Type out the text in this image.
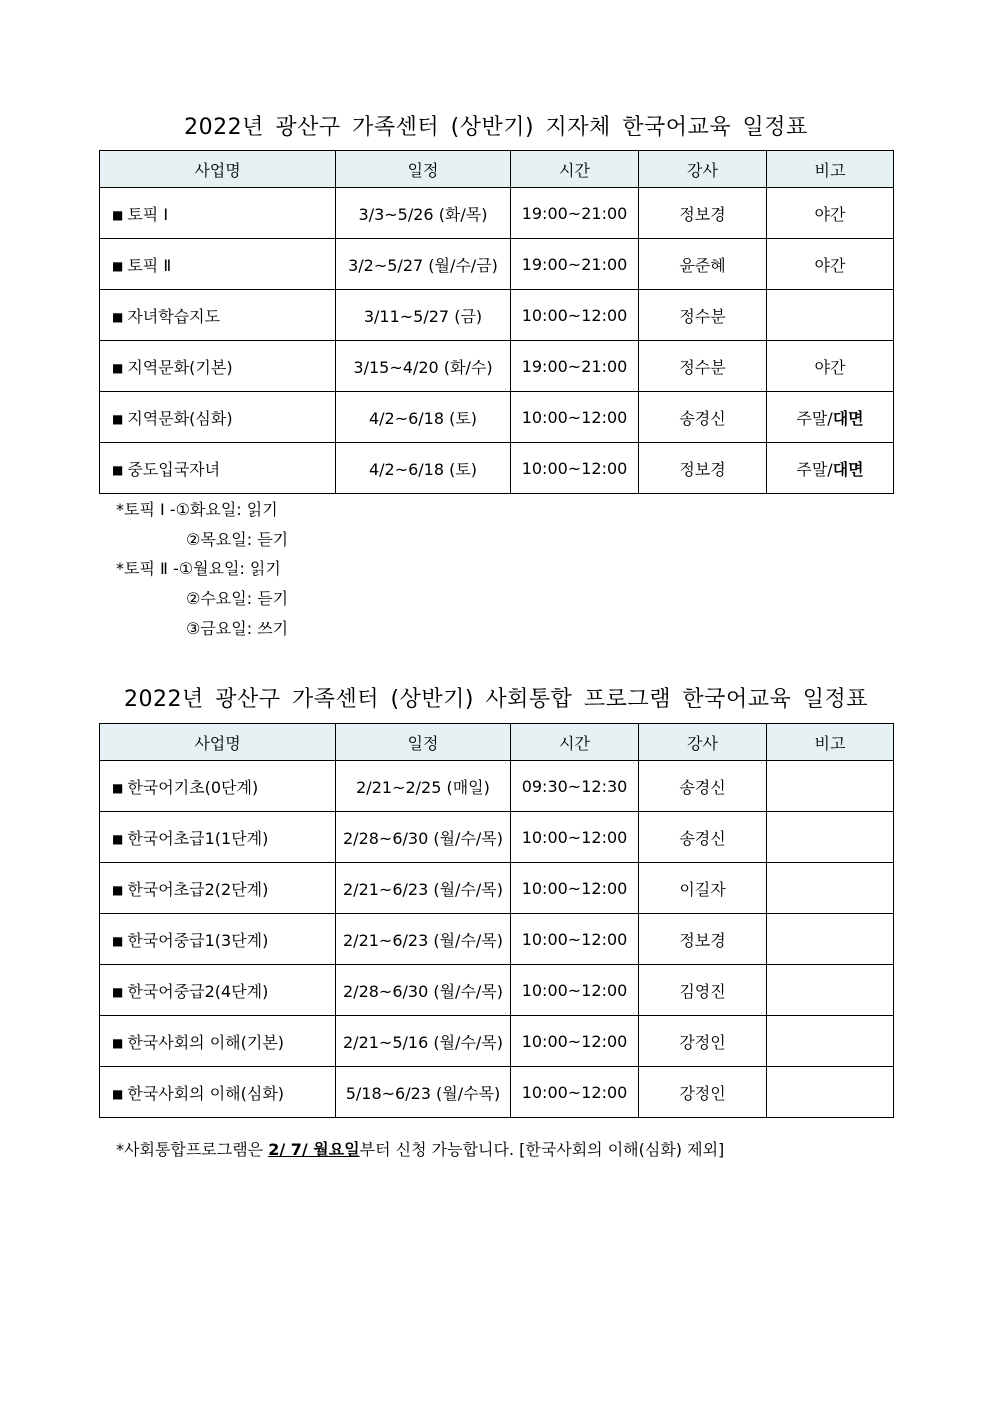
2022년 광산구 가족센터 (상반기) 지자체 한국어교육 일정표
사업명	일정	시간	강사	비고
■ 토픽 Ⅰ	3/3~5/26 (화/목)	19:00~21:00	정보경	야간
■ 토픽 Ⅱ	3/2~5/27 (월/수/금)	19:00~21:00	윤준혜	야간
■ 자녀학습지도	3/11~5/27 (금)	10:00~12:00	정수분	
■ 지역문화(기본)	3/15~4/20 (화/수)	19:00~21:00	정수분	야간
■ 지역문화(심화)	4/2~6/18 (토)	10:00~12:00	송경신	주말/대면
■ 중도입국자녀	4/2~6/18 (토)	10:00~12:00	정보경	주말/대면
*토픽 Ⅰ -①화요일: 읽기
②목요일: 듣기
*토픽 Ⅱ -①월요일: 읽기
②수요일: 듣기
③금요일: 쓰기
2022년 광산구 가족센터 (상반기) 사회통합 프로그램 한국어교육 일정표
사업명	일정	시간	강사	비고
■ 한국어기초(0단계)	2/21~2/25 (매일)	09:30~12:30	송경신	
■ 한국어초급1(1단계)	2/28~6/30 (월/수/목)	10:00~12:00	송경신	
■ 한국어초급2(2단계)	2/21~6/23 (월/수/목)	10:00~12:00	이길자	
■ 한국어중급1(3단계)	2/21~6/23 (월/수/목)	10:00~12:00	정보경	
■ 한국어중급2(4단계)	2/28~6/30 (월/수/목)	10:00~12:00	김영진	
■ 한국사회의 이해(기본)	2/21~5/16 (월/수/목)	10:00~12:00	강정인	
■ 한국사회의 이해(심화)	5/18~6/23 (월/수목)	10:00~12:00	강정인	
*사회통합프로그램은 2/ 7/ 월요일부터 신청 가능합니다. [한국사회의 이해(심화) 제외]
